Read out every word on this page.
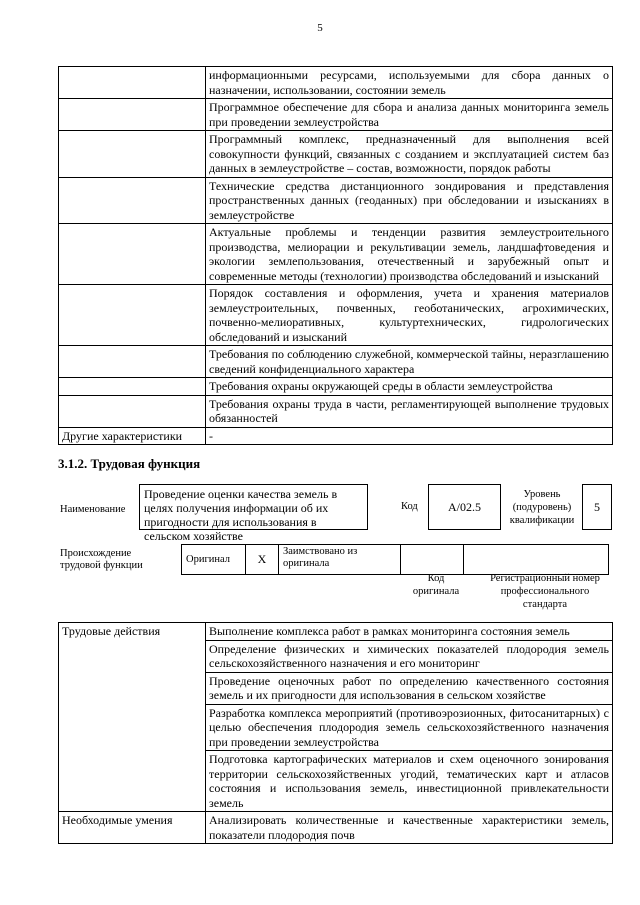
5
	информационными ресурсами, используемыми для сбора данных о назначении, использовании, состоянии земель
	Программное обеспечение для сбора и анализа данных мониторинга земель при проведении землеустройства
	Программный комплекс, предназначенный для выполнения всей совокупности функций, связанных с созданием и эксплуатацией систем баз данных в землеустройстве – состав, возможности, порядок работы
	Технические средства дистанционного зондирования и представления пространственных данных (геоданных) при обследовании и изысканиях в землеустройстве
	Актуальные проблемы и тенденции развития землеустроительного производства, мелиорации и рекультивации земель, ландшафтоведения и экологии землепользования, отечественный и зарубежный опыт и современные методы (технологии) производства обследований и изысканий
	Порядок составления и оформления, учета и хранения материалов землеустроительных, почвенных, геоботанических, агрохимических, почвенно-мелиоративных, культуртехнических, гидрологических обследований и изысканий
	Требования по соблюдению служебной, коммерческой тайны, неразглашению сведений конфиденциального характера
	Требования охраны окружающей среды в области землеустройства
	Требования охраны труда в части, регламентирующей выполнение трудовых обязанностей
Другие характеристики	-
3.1.2. Трудовая функция
Наименование
Проведение оценки качества земель в целях получения информации об их пригодности для использования в сельском хозяйстве
Код	А/02.5
Уровень (подуровень) квалификации
5
Происхождение трудовой функции
Оригинал	X	Заимствовано из оригинала		
Код оригинала
Регистрационный номер профессионального стандарта
Трудовые действия	Выполнение комплекса работ в рамках мониторинга состояния земель
	Определение физических и химических показателей плодородия земель сельскохозяйственного назначения и его мониторинг
	Проведение оценочных работ по определению качественного состояния земель и их пригодности для использования в сельском хозяйстве
	Разработка комплекса мероприятий (противоэрозионных, фитосанитарных) с целью обеспечения плодородия земель сельскохозяйственного назначения при проведении землеустройства
	Подготовка картографических материалов и схем оценочного зонирования территории сельскохозяйственных угодий, тематических карт и атласов состояния и использования земель, инвестиционной привлекательности земель
Необходимые умения	Анализировать количественные и качественные характеристики земель, показатели плодородия почв
